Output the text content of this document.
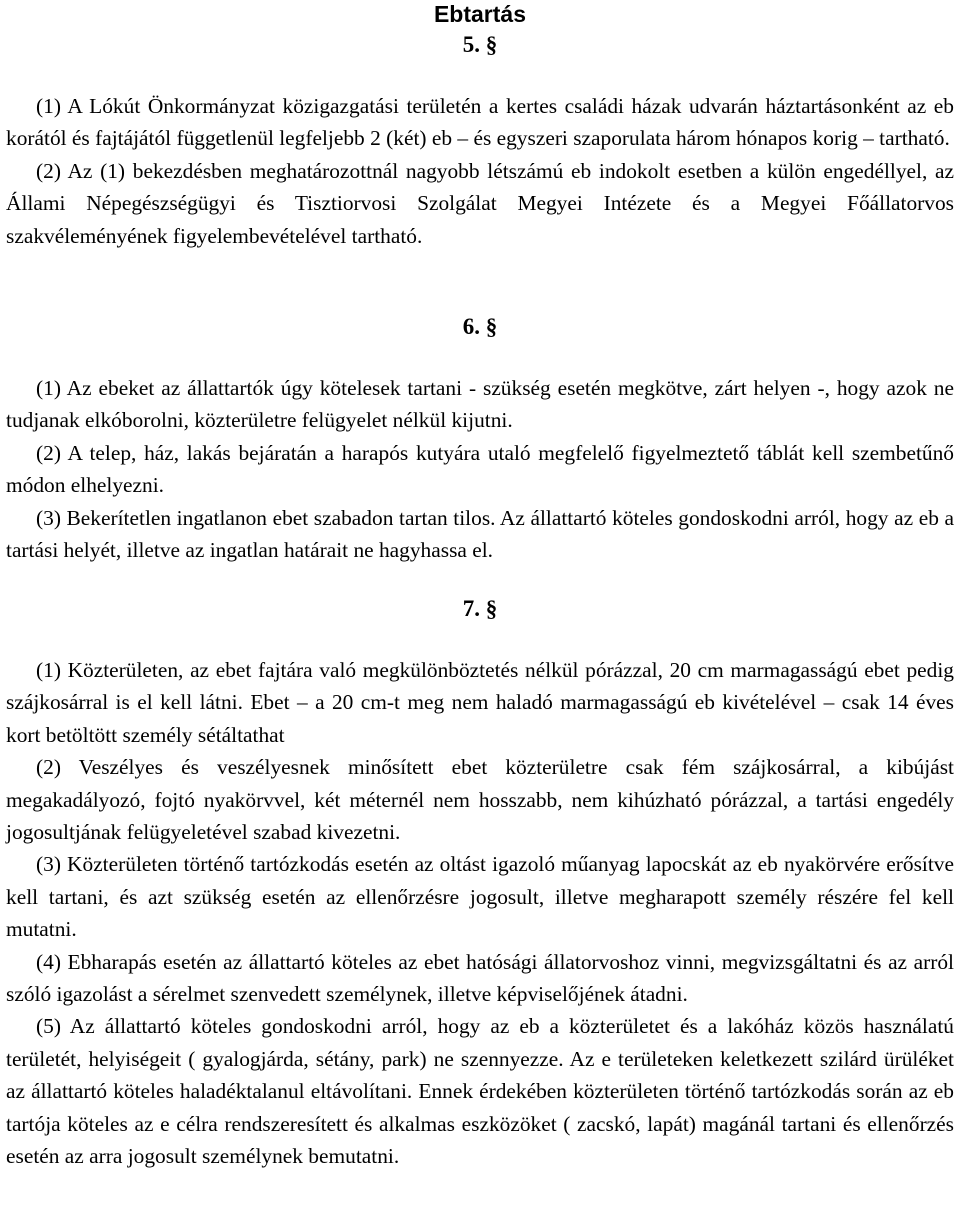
Ebtartás
5. §

(1) A Lókút Önkormányzat közigazgatási területén a kertes családi házak udvarán háztartásonként az eb korától és fajtájától függetlenül legfeljebb 2 (két) eb – és egyszeri szaporulata három hónapos korig – tartható.

(2) Az (1) bekezdésben meghatározottnál nagyobb létszámú eb indokolt esetben a külön engedéllyel, az Állami Népegészségügyi és Tisztiorvosi Szolgálat Megyei Intézete és a Megyei Főállatorvos szakvéleményének figyelembevételével tartható.

6. §

(1) Az ebeket az állattartók úgy kötelesek tartani - szükség esetén megkötve, zárt helyen -, hogy azok ne tudjanak elkóborolni, közterületre felügyelet nélkül kijutni.

(2) A telep, ház, lakás bejáratán a harapós kutyára utaló megfelelő figyelmeztető táblát kell szembetűnő módon elhelyezni.

(3) Bekerítetlen ingatlanon ebet szabadon tartan tilos. Az állattartó köteles gondoskodni arról, hogy az eb a tartási helyét, illetve az ingatlan határait ne hagyhassa el.

7. §

(1) Közterületen, az ebet fajtára való megkülönböztetés nélkül pórázzal, 20 cm marmagasságú ebet pedig szájkosárral is el kell látni. Ebet – a 20 cm-t meg nem haladó marmagasságú eb kivételével – csak 14 éves kort betöltött személy sétáltathat

(2) Veszélyes és veszélyesnek minősített ebet közterületre csak fém szájkosárral, a kibújást megakadályozó, fojtó nyakörvvel, két méternél nem hosszabb, nem kihúzható pórázzal, a tartási engedély jogosultjának felügyeletével szabad kivezetni.

(3) Közterületen történő tartózkodás esetén az oltást igazoló műanyag lapocskát az eb nyakörvére erősítve kell tartani, és azt szükség esetén az ellenőrzésre jogosult, illetve megharapott személy részére fel kell mutatni.

(4) Ebharapás esetén az állattartó köteles az ebet hatósági állatorvoshoz vinni, megvizsgáltatni és az arról szóló igazolást a sérelmet szenvedett személynek, illetve képviselőjének átadni.

(5) Az állattartó köteles gondoskodni arról, hogy az eb a közterületet és a lakóház közös használatú területét, helyiségeit ( gyalogjárda, sétány, park) ne szennyezze. Az e területeken keletkezett szilárd ürüléket az állattartó köteles haladéktalanul eltávolítani. Ennek érdekében közterületen történő tartózkodás során az eb tartója köteles az e célra rendszeresített és alkalmas eszközöket ( zacskó, lapát) magánál tartani és ellenőrzés esetén az arra jogosult személynek bemutatni.
